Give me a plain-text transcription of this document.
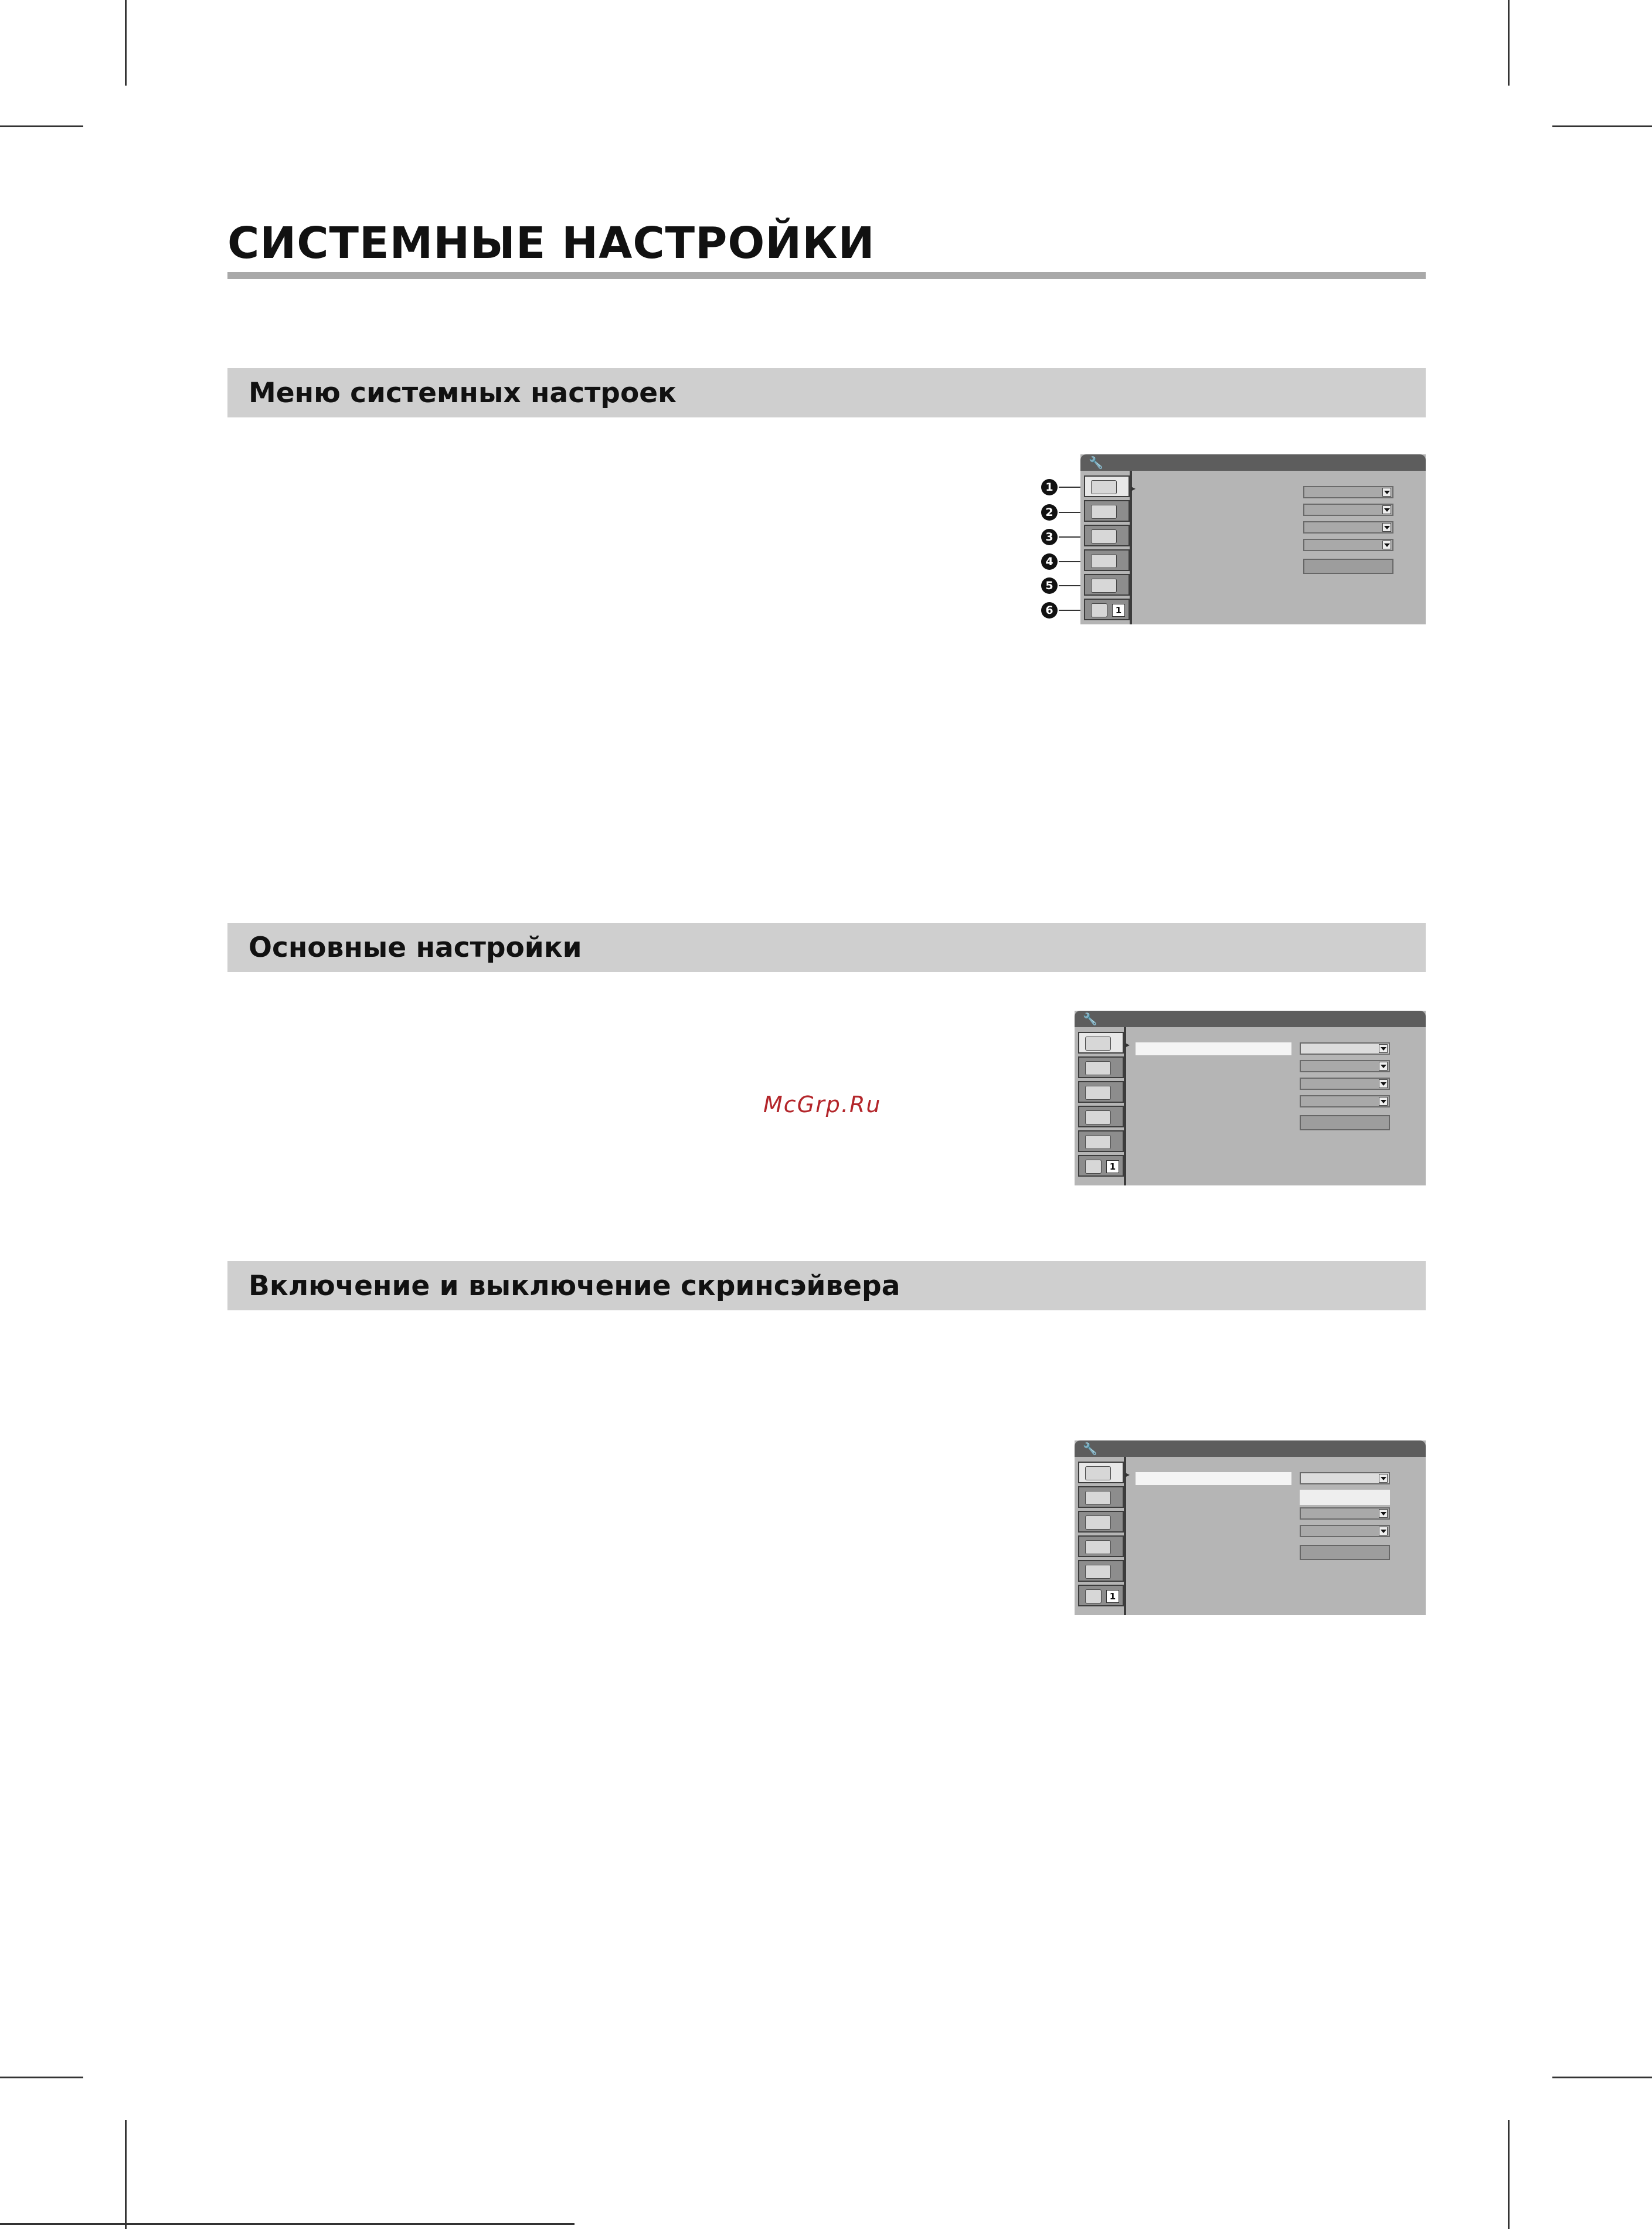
СИСТЕМНЫЕ НАСТРОЙКИ
Меню системных настроек
Основные настройки
Включение и выключение скринсэйвера
1
2
3
4
5
6
🔧
1
▸
🔧
1
▸
🔧
1
▸
McGrp.Ru
